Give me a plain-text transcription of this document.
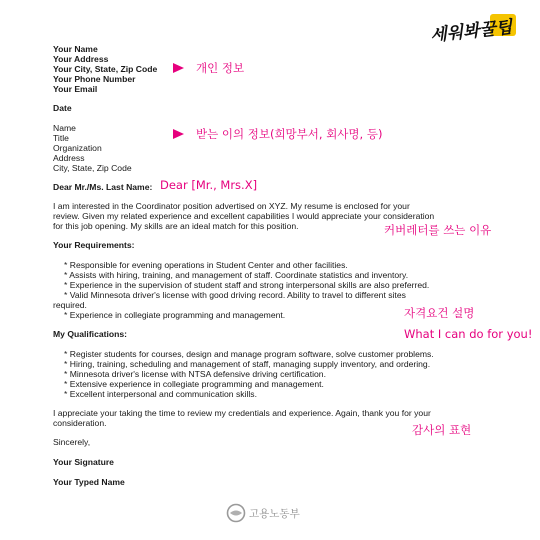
세워봐꿀팁
Your Name
Your Address
Your City, State, Zip Code
Your Phone Number
Your Email
개인 정보
Date
Name
Title
Organization
Address
City, State, Zip Code
받는 이의 정보(희망부서, 회사명, 등)
Dear Mr./Ms. Last Name: Dear [Mr., Mrs.X]
I am interested in the Coordinator position advertised on XYZ. My resume is enclosed for your
review. Given my related experience and excellent capabilities I would appreciate your consideration
for this job opening. My skills are an ideal match for this position.	커버레터를 쓰는 이유
Your Requirements:
* Responsible for evening operations in Student Center and other facilities.
* Assists with hiring, training, and management of staff. Coordinate statistics and inventory.
* Experience in the supervision of student staff and strong interpersonal skills are also preferred.
* Valid Minnesota driver's license with good driving record. Ability to travel to different sites
required.
* Experience in collegiate programming and management.	자격요건 설명
My Qualifications:	What I can do for you!
* Register students for courses, design and manage program software, solve customer problems.
* Hiring, training, scheduling and management of staff, managing supply inventory, and ordering.
* Minnesota driver's license with NTSA defensive driving certification.
* Extensive experience in collegiate programming and management.
* Excellent interpersonal and communication skills.
I appreciate your taking the time to review my credentials and experience. Again, thank you for your
consideration.	감사의 표현
Sincerely,
Your Signature
Your Typed Name
고용노동부
